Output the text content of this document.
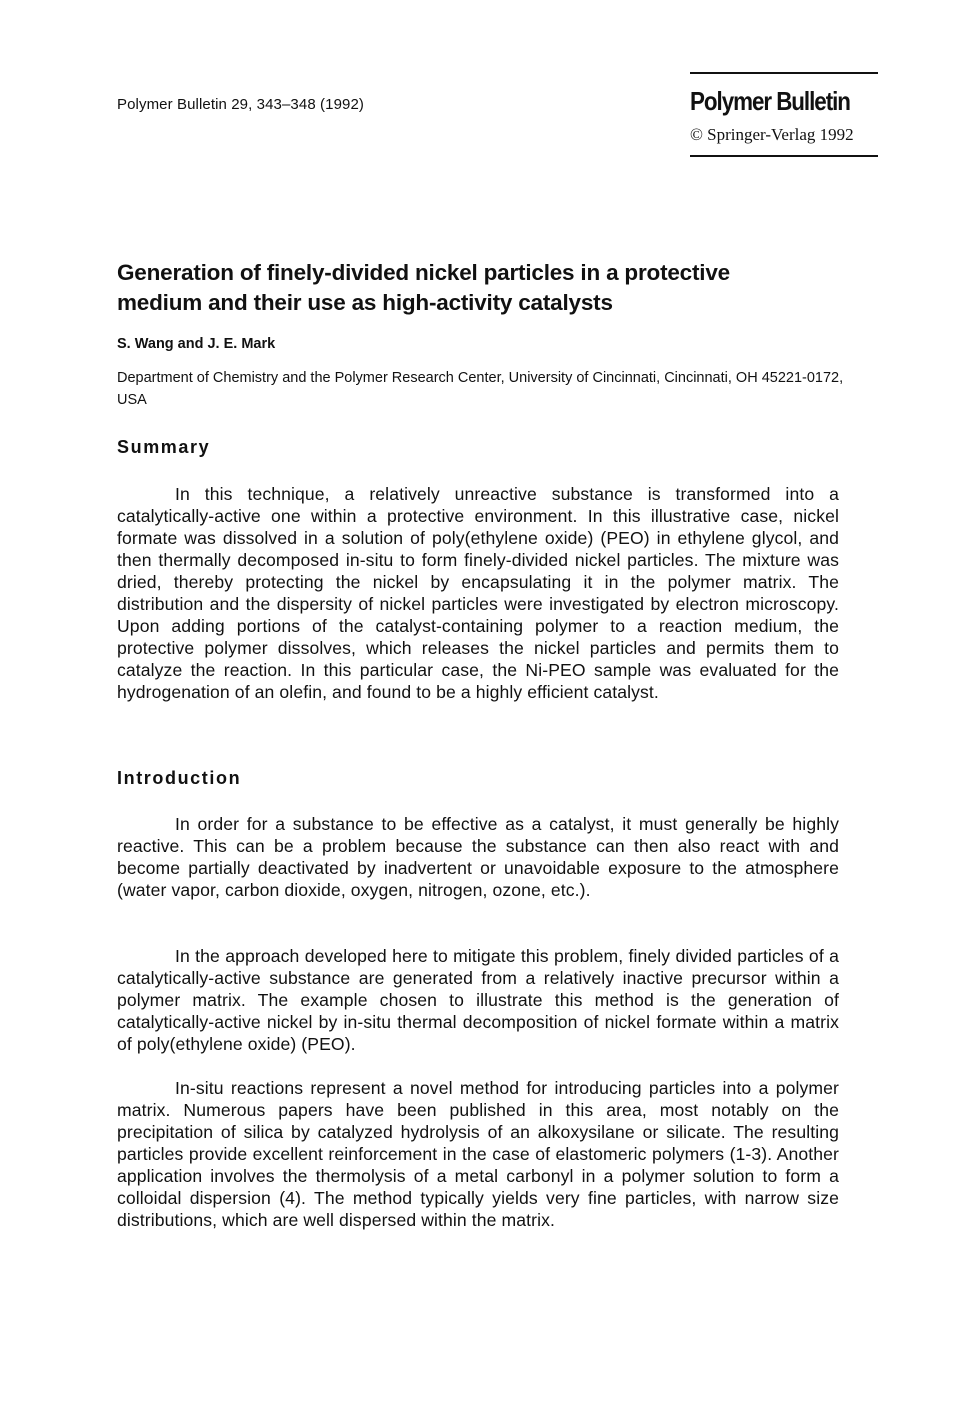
Polymer Bulletin 29, 343–348 (1992)	Polymer Bulletin
© Springer-Verlag 1992
Generation of finely-divided nickel particles in a protective medium and their use as high-activity catalysts
S. Wang and J. E. Mark
Department of Chemistry and the Polymer Research Center, University of Cincinnati, Cincinnati, OH 45221-0172, USA
Summary
In this technique, a relatively unreactive substance is transformed into a catalytically-active one within a protective environment. In this illustrative case, nickel formate was dissolved in a solution of poly(ethylene oxide) (PEO) in ethylene glycol, and then thermally decomposed in-situ to form finely-divided nickel particles. The mixture was dried, thereby protecting the nickel by encapsulating it in the polymer matrix. The distribution and the dispersity of nickel particles were investigated by electron microscopy. Upon adding portions of the catalyst-containing polymer to a reaction medium, the protective polymer dissolves, which releases the nickel particles and permits them to catalyze the reaction. In this particular case, the Ni-PEO sample was evaluated for the hydrogenation of an olefin, and found to be a highly efficient catalyst.
Introduction
In order for a substance to be effective as a catalyst, it must generally be highly reactive. This can be a problem because the substance can then also react with and become partially deactivated by inadvertent or unavoidable exposure to the atmosphere (water vapor, carbon dioxide, oxygen, nitrogen, ozone, etc.).
In the approach developed here to mitigate this problem, finely divided particles of a catalytically-active substance are generated from a relatively inactive precursor within a polymer matrix. The example chosen to illustrate this method is the generation of catalytically-active nickel by in-situ thermal decomposition of nickel formate within a matrix of poly(ethylene oxide) (PEO).
In-situ reactions represent a novel method for introducing particles into a polymer matrix. Numerous papers have been published in this area, most notably on the precipitation of silica by catalyzed hydrolysis of an alkoxysilane or silicate. The resulting particles provide excellent reinforcement in the case of elastomeric polymers (1-3). Another application involves the thermolysis of a metal carbonyl in a polymer solution to form a colloidal dispersion (4). The method typically yields very fine particles, with narrow size distributions, which are well dispersed within the matrix.
